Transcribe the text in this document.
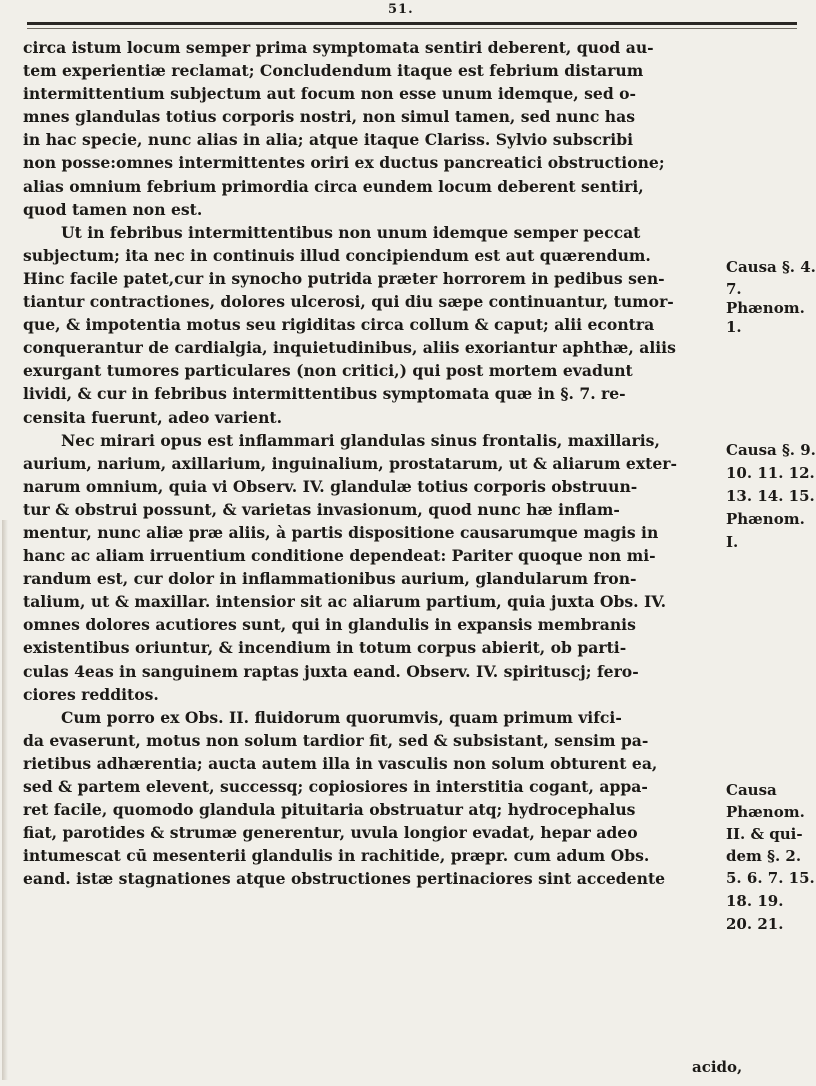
51.
circa istum locum semper prima symptomata sentiri deberent, quod au-
tem experientiæ reclamat; Concludendum itaque est febrium distarum
intermittentium subjectum aut focum non esse unum idemque, sed o-
mnes glandulas totius corporis nostri, non simul tamen, sed nunc has
in hac specie, nunc alias in alia; atque itaque Clariss. Sylvio subscribi
non posse:omnes intermittentes oriri ex ductus pancreatici obstructione;
alias omnium febrium primordia circa eundem locum deberent sentiri,
quod tamen non est.
Ut in febribus intermittentibus non unum idemque semper peccat
subjectum; ita nec in continuis illud concipiendum est aut quærendum.
Hinc facile patet,cur in synocho putrida præter horrorem in pedibus sen-
tiantur contractiones, dolores ulcerosi, qui diu sæpe continuantur, tumor-
que, & impotentia motus seu rigiditas circa collum & caput; alii econtra
conquerantur de cardialgia, inquietudinibus, aliis exoriantur aphthæ, aliis
exurgant tumores particulares (non critici,) qui post mortem evadunt
lividi, & cur in febribus intermittentibus symptomata quæ in §. 7. re-
censita fuerunt, adeo varient.
Nec mirari opus est inflammari glandulas sinus frontalis, maxillaris,
aurium, narium, axillarium, inguinalium, prostatarum, ut & aliarum exter-
narum omnium, quia vi Observ. IV. glandulæ totius corporis obstruun-
tur & obstrui possunt, & varietas invasionum, quod nunc hæ inflam-
mentur, nunc aliæ præ aliis, à partis dispositione causarumque magis in
hanc ac aliam irruentium conditione dependeat: Pariter quoque non mi-
randum est, cur dolor in inflammationibus aurium, glandularum fron-
talium, ut & maxillar. intensior sit ac aliarum partium, quia juxta Obs. IV.
omnes dolores acutiores sunt, qui in glandulis in expansis membranis
existentibus oriuntur, & incendium in totum corpus abierit, ob parti-
culas 4eas in sanguinem raptas juxta eand. Observ. IV. spirituscj; fero-
ciores redditos.
Cum porro ex Obs. II. fluidorum quorumvis, quam primum vifci-
da evaserunt, motus non solum tardior fit, sed & subsistant, sensim pa-
rietibus adhærentia; aucta autem illa in vasculis non solum obturent ea,
sed & partem elevent, successq; copiosiores in interstitia cogant, appa-
ret facile, quomodo glandula pituitaria obstruatur atq; hydrocephalus
fiat, parotides & strumæ generentur, uvula longior evadat, hepar adeo
intumescat cū mesenterii glandulis in rachitide, præpr. cum adum Obs.
eand. istæ stagnationes atque obstructiones pertinaciores sint accedente
Causa §. 4.
7.
Phænom.
1.
Causa §. 9.
10. 11. 12.
13. 14. 15.
Phænom.
I.
Causa
Phænom.
II. & qui-
dem §. 2.
5. 6. 7. 15.
18. 19.
20. 21.
acido,
